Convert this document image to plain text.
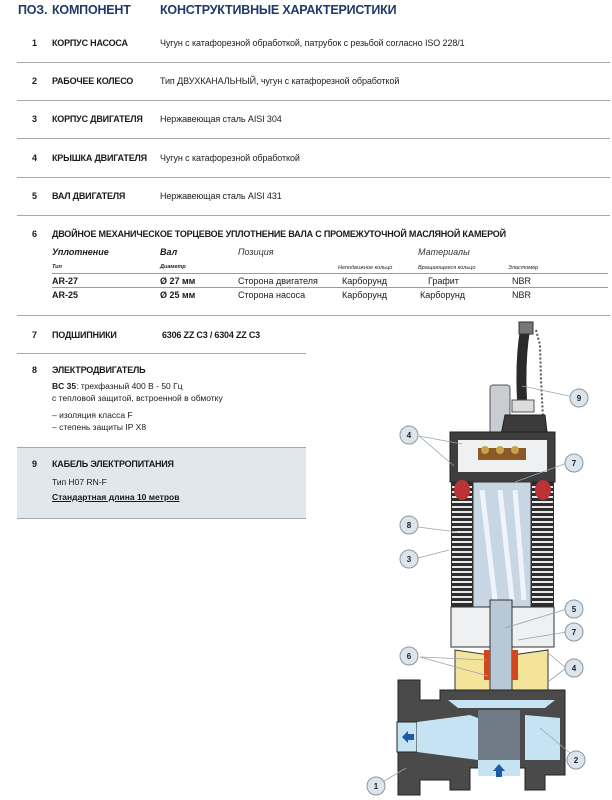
ПОЗ. КОМПОНЕНТ КОНСТРУКТИВНЫЕ ХАРАКТЕРИСТИКИ
1 КОРПУС НАСОСА	Чугун с катафорезной обработкой, патрубок с резьбой согласно ISO 228/1
2 РАБОЧЕЕ КОЛЕСО	Тип ДВУХКАНАЛЬНЫЙ, чугун с катафорезной обработкой
3 КОРПУС ДВИГАТЕЛЯ Нержавеющая сталь AISI 304
4 КРЫШКА ДВИГАТЕЛЯ Чугун с катафорезной обработкой
5 ВАЛ ДВИГАТЕЛЯ	Нержавеющая сталь AISI 431
6 ДВОЙНОЕ МЕХАНИЧЕСКОЕ ТОРЦЕВОЕ УПЛОТНЕНИЕ ВАЛА С ПРОМЕЖУТОЧНОЙ МАСЛЯНОЙ КАМЕРОЙ
Уплотнение	Вал	Позиция	Материалы
Тип	Диаметр	Неподвижное кольцо	Вращающееся кольцо	Эластомер
AR-27	Ø 27 мм	Сторона двигателя	Карборунд	Графит	NBR
AR-25	Ø 25 мм	Сторона насоса	Карборунд	Карборунд	NBR
7 ПОДШИПНИКИ	6306 ZZ C3 / 6304 ZZ C3
8 ЭЛЕКТРОДВИГАТЕЛЬ
BC 35: трехфазный 400 В - 50 Гц
с тепловой защитой, встроенной в обмотку
– изоляция класса F
– степень защиты IP X8
9 КАБЕЛЬ ЭЛЕКТРОПИТАНИЯ
Тип H07 RN-F
Стандартная длина 10 метров
9
4
7
8
3
5
7
6
4
2
1
